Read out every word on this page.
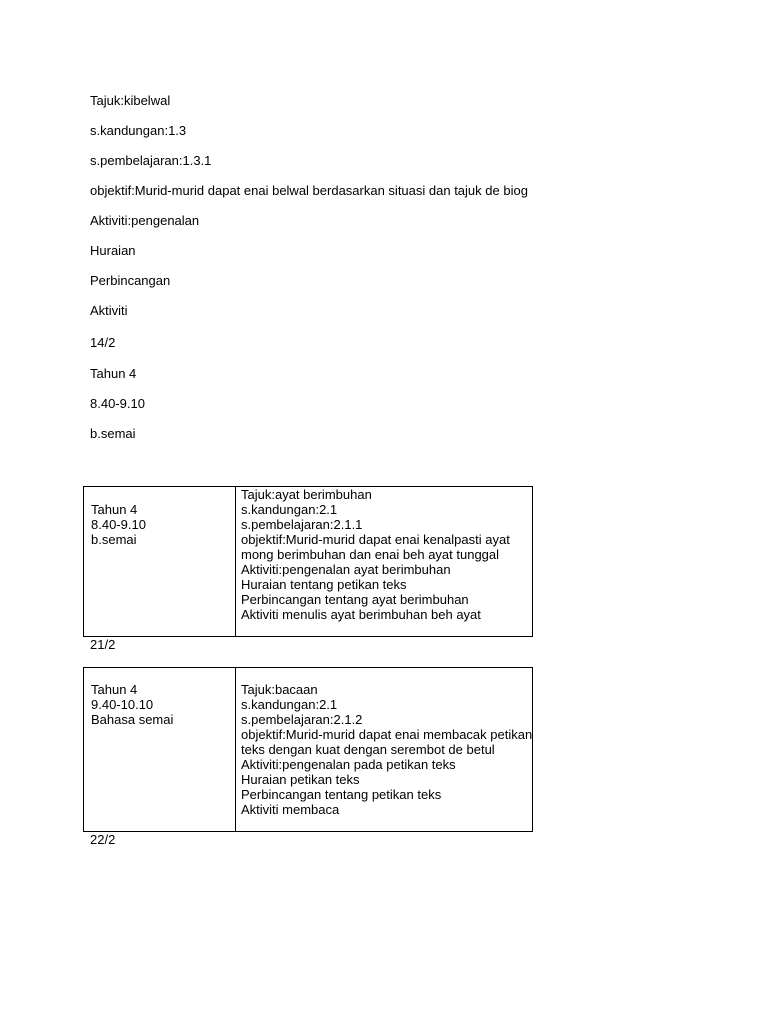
Tajuk:kibelwal
s.kandungan:1.3
s.pembelajaran:1.3.1
objektif:Murid-murid dapat enai belwal berdasarkan situasi dan tajuk de biog
Aktiviti:pengenalan
Huraian
Perbincangan
Aktiviti
14/2
Tahun 4
8.40-9.10
b.semai
Tahun 4
8.40-9.10
b.semai
Tajuk:ayat berimbuhan
s.kandungan:2.1
s.pembelajaran:2.1.1
objektif:Murid-murid dapat enai kenalpasti ayat
mong berimbuhan dan enai beh ayat tunggal
Aktiviti:pengenalan ayat berimbuhan
Huraian tentang petikan teks
Perbincangan tentang ayat berimbuhan
Aktiviti menulis ayat berimbuhan beh ayat
21/2
Tahun 4
9.40-10.10
Bahasa semai
Tajuk:bacaan
s.kandungan:2.1
s.pembelajaran:2.1.2
objektif:Murid-murid dapat enai membacak petikan
teks dengan kuat dengan serembot de betul
Aktiviti:pengenalan pada petikan teks
Huraian petikan teks
Perbincangan tentang petikan teks
Aktiviti membaca
22/2
